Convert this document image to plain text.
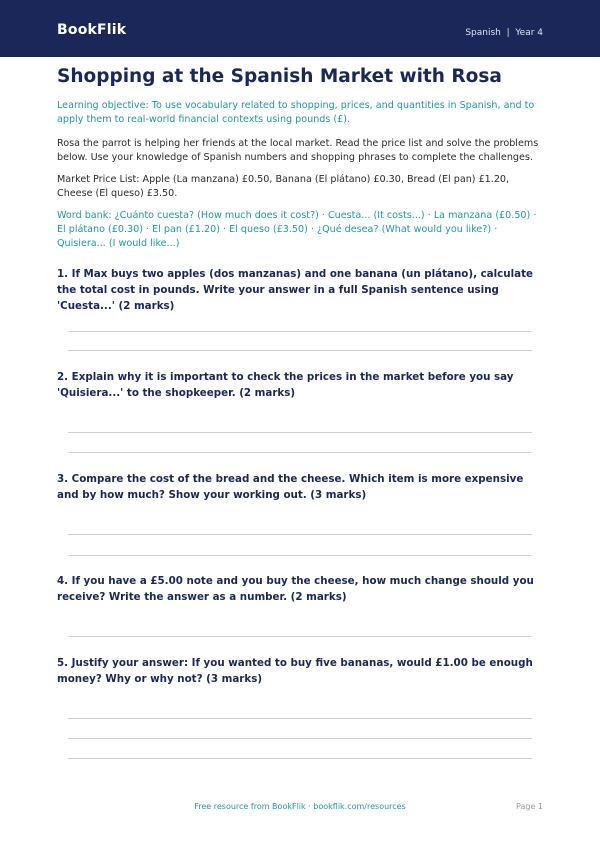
BookFlik	Spanish  |  Year 4
Shopping at the Spanish Market with Rosa

Learning objective: To use vocabulary related to shopping, prices, and quantities in Spanish, and to apply them to real-world financial contexts using pounds (£).

Rosa the parrot is helping her friends at the local market. Read the price list and solve the problems below. Use your knowledge of Spanish numbers and shopping phrases to complete the challenges.

Market Price List: Apple (La manzana) £0.50, Banana (El plátano) £0.30, Bread (El pan) £1.20, Cheese (El queso) £3.50.

Word bank: ¿Cuánto cuesta? (How much does it cost?) · Cuesta... (It costs...) · La manzana (£0.50) · El plátano (£0.30) · El pan (£1.20) · El queso (£3.50) · ¿Qué desea? (What would you like?) · Quisiera... (I would like...)

1. If Max buys two apples (dos manzanas) and one banana (un plátano), calculate the total cost in pounds. Write your answer in a full Spanish sentence using 'Cuesta...' (2 marks)

2. Explain why it is important to check the prices in the market before you say 'Quisiera...' to the shopkeeper. (2 marks)

3. Compare the cost of the bread and the cheese. Which item is more expensive and by how much? Show your working out. (3 marks)

4. If you have a £5.00 note and you buy the cheese, how much change should you receive? Write the answer as a number. (2 marks)

5. Justify your answer: If you wanted to buy five bananas, would £1.00 be enough money? Why or why not? (3 marks)

Free resource from BookFlik · bookflik.com/resources	Page 1
